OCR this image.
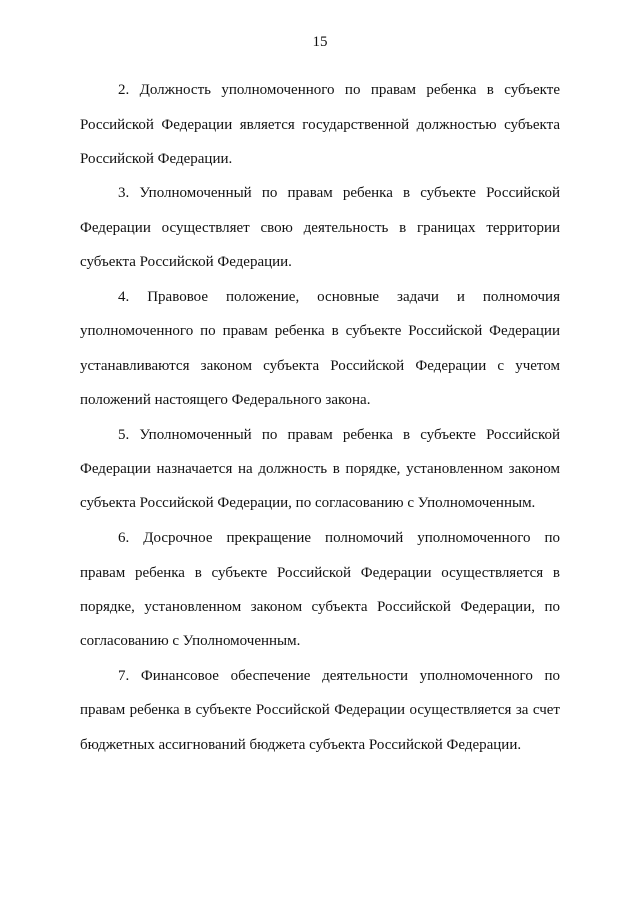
15
2. Должность уполномоченного по правам ребенка в субъекте
Российской Федерации является государственной должностью субъекта
Российской Федерации.
3. Уполномоченный по правам ребенка в субъекте Российской
Федерации осуществляет свою деятельность в границах территории
субъекта Российской Федерации.
4. Правовое положение, основные задачи и полномочия
уполномоченного по правам ребенка в субъекте Российской Федерации
устанавливаются законом субъекта Российской Федерации с учетом
положений настоящего Федерального закона.
5. Уполномоченный по правам ребенка в субъекте Российской
Федерации назначается на должность в порядке, установленном законом
субъекта Российской Федерации, по согласованию с Уполномоченным.
6. Досрочное прекращение полномочий уполномоченного по
правам ребенка в субъекте Российской Федерации осуществляется в
порядке, установленном законом субъекта Российской Федерации, по
согласованию с Уполномоченным.
7. Финансовое обеспечение деятельности уполномоченного по
правам ребенка в субъекте Российской Федерации осуществляется за счет
бюджетных ассигнований бюджета субъекта Российской Федерации.
